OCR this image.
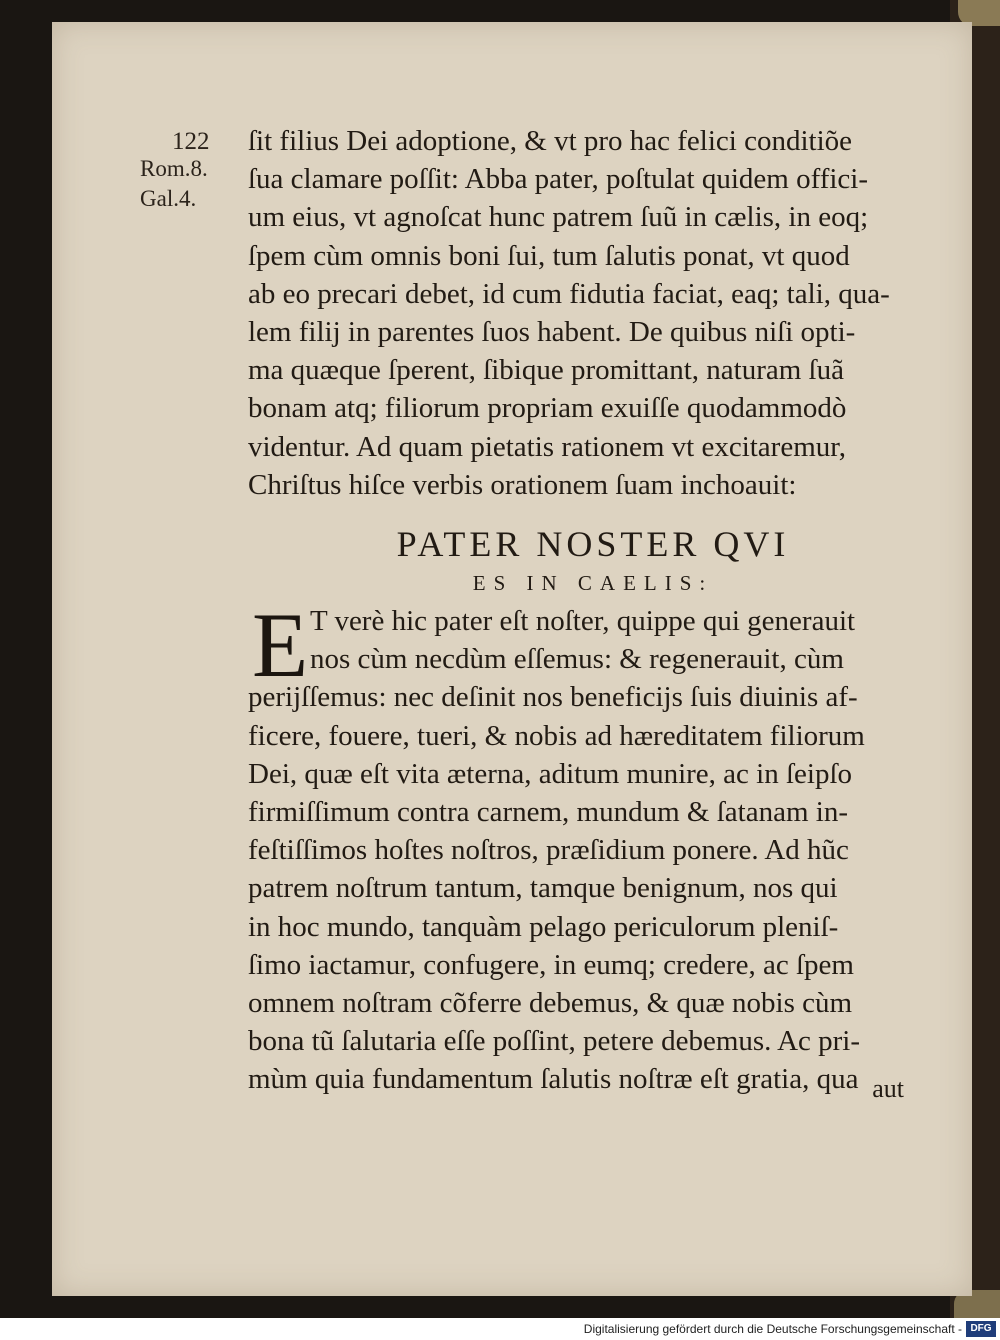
122

Rom.8.
Gal.4.
ſit filius Dei adoptione, & vt pro hac felici conditiõe
ſua clamare poſſit: Abba pater, poſtulat quidem offici-
um eius, vt agnoſcat hunc patrem ſuũ in cælis, in eoq;
ſpem cùm omnis boni ſui, tum ſalutis ponat, vt quod
ab eo precari debet, id cum fidutia faciat, eaq; tali, qua-
lem filij in parentes ſuos habent. De quibus niſi opti-
ma quæque ſperent, ſibique promittant, naturam ſuã
bonam atq; filiorum propriam exuiſſe quodammodò
videntur. Ad quam pietatis rationem vt excitaremur,
Chriſtus hiſce verbis orationem ſuam inchoauit:

PATER NOSTER QVI

ES IN CAELIS:

E T verè hic pater eſt noſter, quippe qui generauit
nos cùm necdùm eſſemus: & regenerauit, cùm
perijſſemus: nec deſinit nos beneficijs ſuis diuinis af-
ficere, fouere, tueri, & nobis ad hæreditatem filiorum
Dei, quæ eſt vita æterna, aditum munire, ac in ſeipſo
firmiſſimum contra carnem, mundum & ſatanam in-
feſtiſſimos hoſtes noſtros, præſidium ponere. Ad hũc
patrem noſtrum tantum, tamque benignum, nos qui
in hoc mundo, tanquàm pelago periculorum pleniſ-
ſimo iactamur, confugere, in eumq; credere, ac ſpem
omnem noſtram cõferre debemus, & quæ nobis cùm
bona tũ ſalutaria eſſe poſſint, petere debemus. Ac pri-
mùm quia fundamentum ſalutis noſtræ eſt gratia, qua aut

Digitalisierung gefördert durch die Deutsche Forschungsgemeinschaft - DFG
